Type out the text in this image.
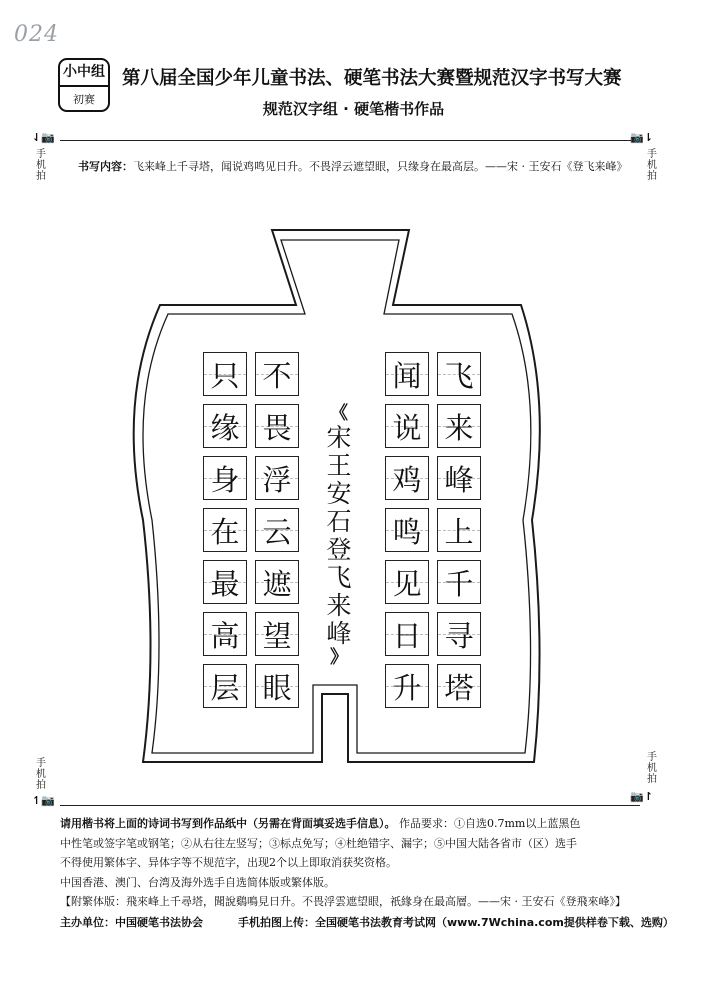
024
小中组
初赛
第八届全国少年儿童书法、硬笔书法大赛暨规范汉字书写大赛
规范汉字组 · 硬笔楷书作品
⇃📷	📷⇂
手机拍
手机拍
书写内容：飞来峰上千寻塔，闻说鸡鸣见日升。不畏浮云遮望眼，只缘身在最高层。——宋 · 王安石《登飞来峰》
飞
来
峰
上
千
寻
塔
闻
说
鸡
鸣
见
日
升
不
畏
浮
云
遮
望
眼
只
缘
身
在
最
高
层
《
宋
王
安
石
登
飞
来
峰
》
手机拍
手机拍
↿📷	📷↾
请用楷书将上面的诗词书写到作品纸中（另需在背面填妥选手信息）。 作品要求：①自选0.7mm以上蓝黑色
中性笔或签字笔或钢笔；②从右往左竖写；③标点免写；④杜绝错字、漏字；⑤中国大陆各省市（区）选手
不得使用繁体字、异体字等不规范字，出现2个以上即取消获奖资格。
中国香港、澳门、台湾及海外选手自选简体版或繁体版。
【附繁体版：飛來峰上千尋塔，聞說鷄鳴見日升。不畏浮雲遮望眼，祇緣身在最高層。——宋 · 王安石《登飛來峰》】
主办单位：中国硬笔书法协会	手机拍图上传：全国硬笔书法教育考试网（www.7Wchina.com提供样卷下载、选购）
